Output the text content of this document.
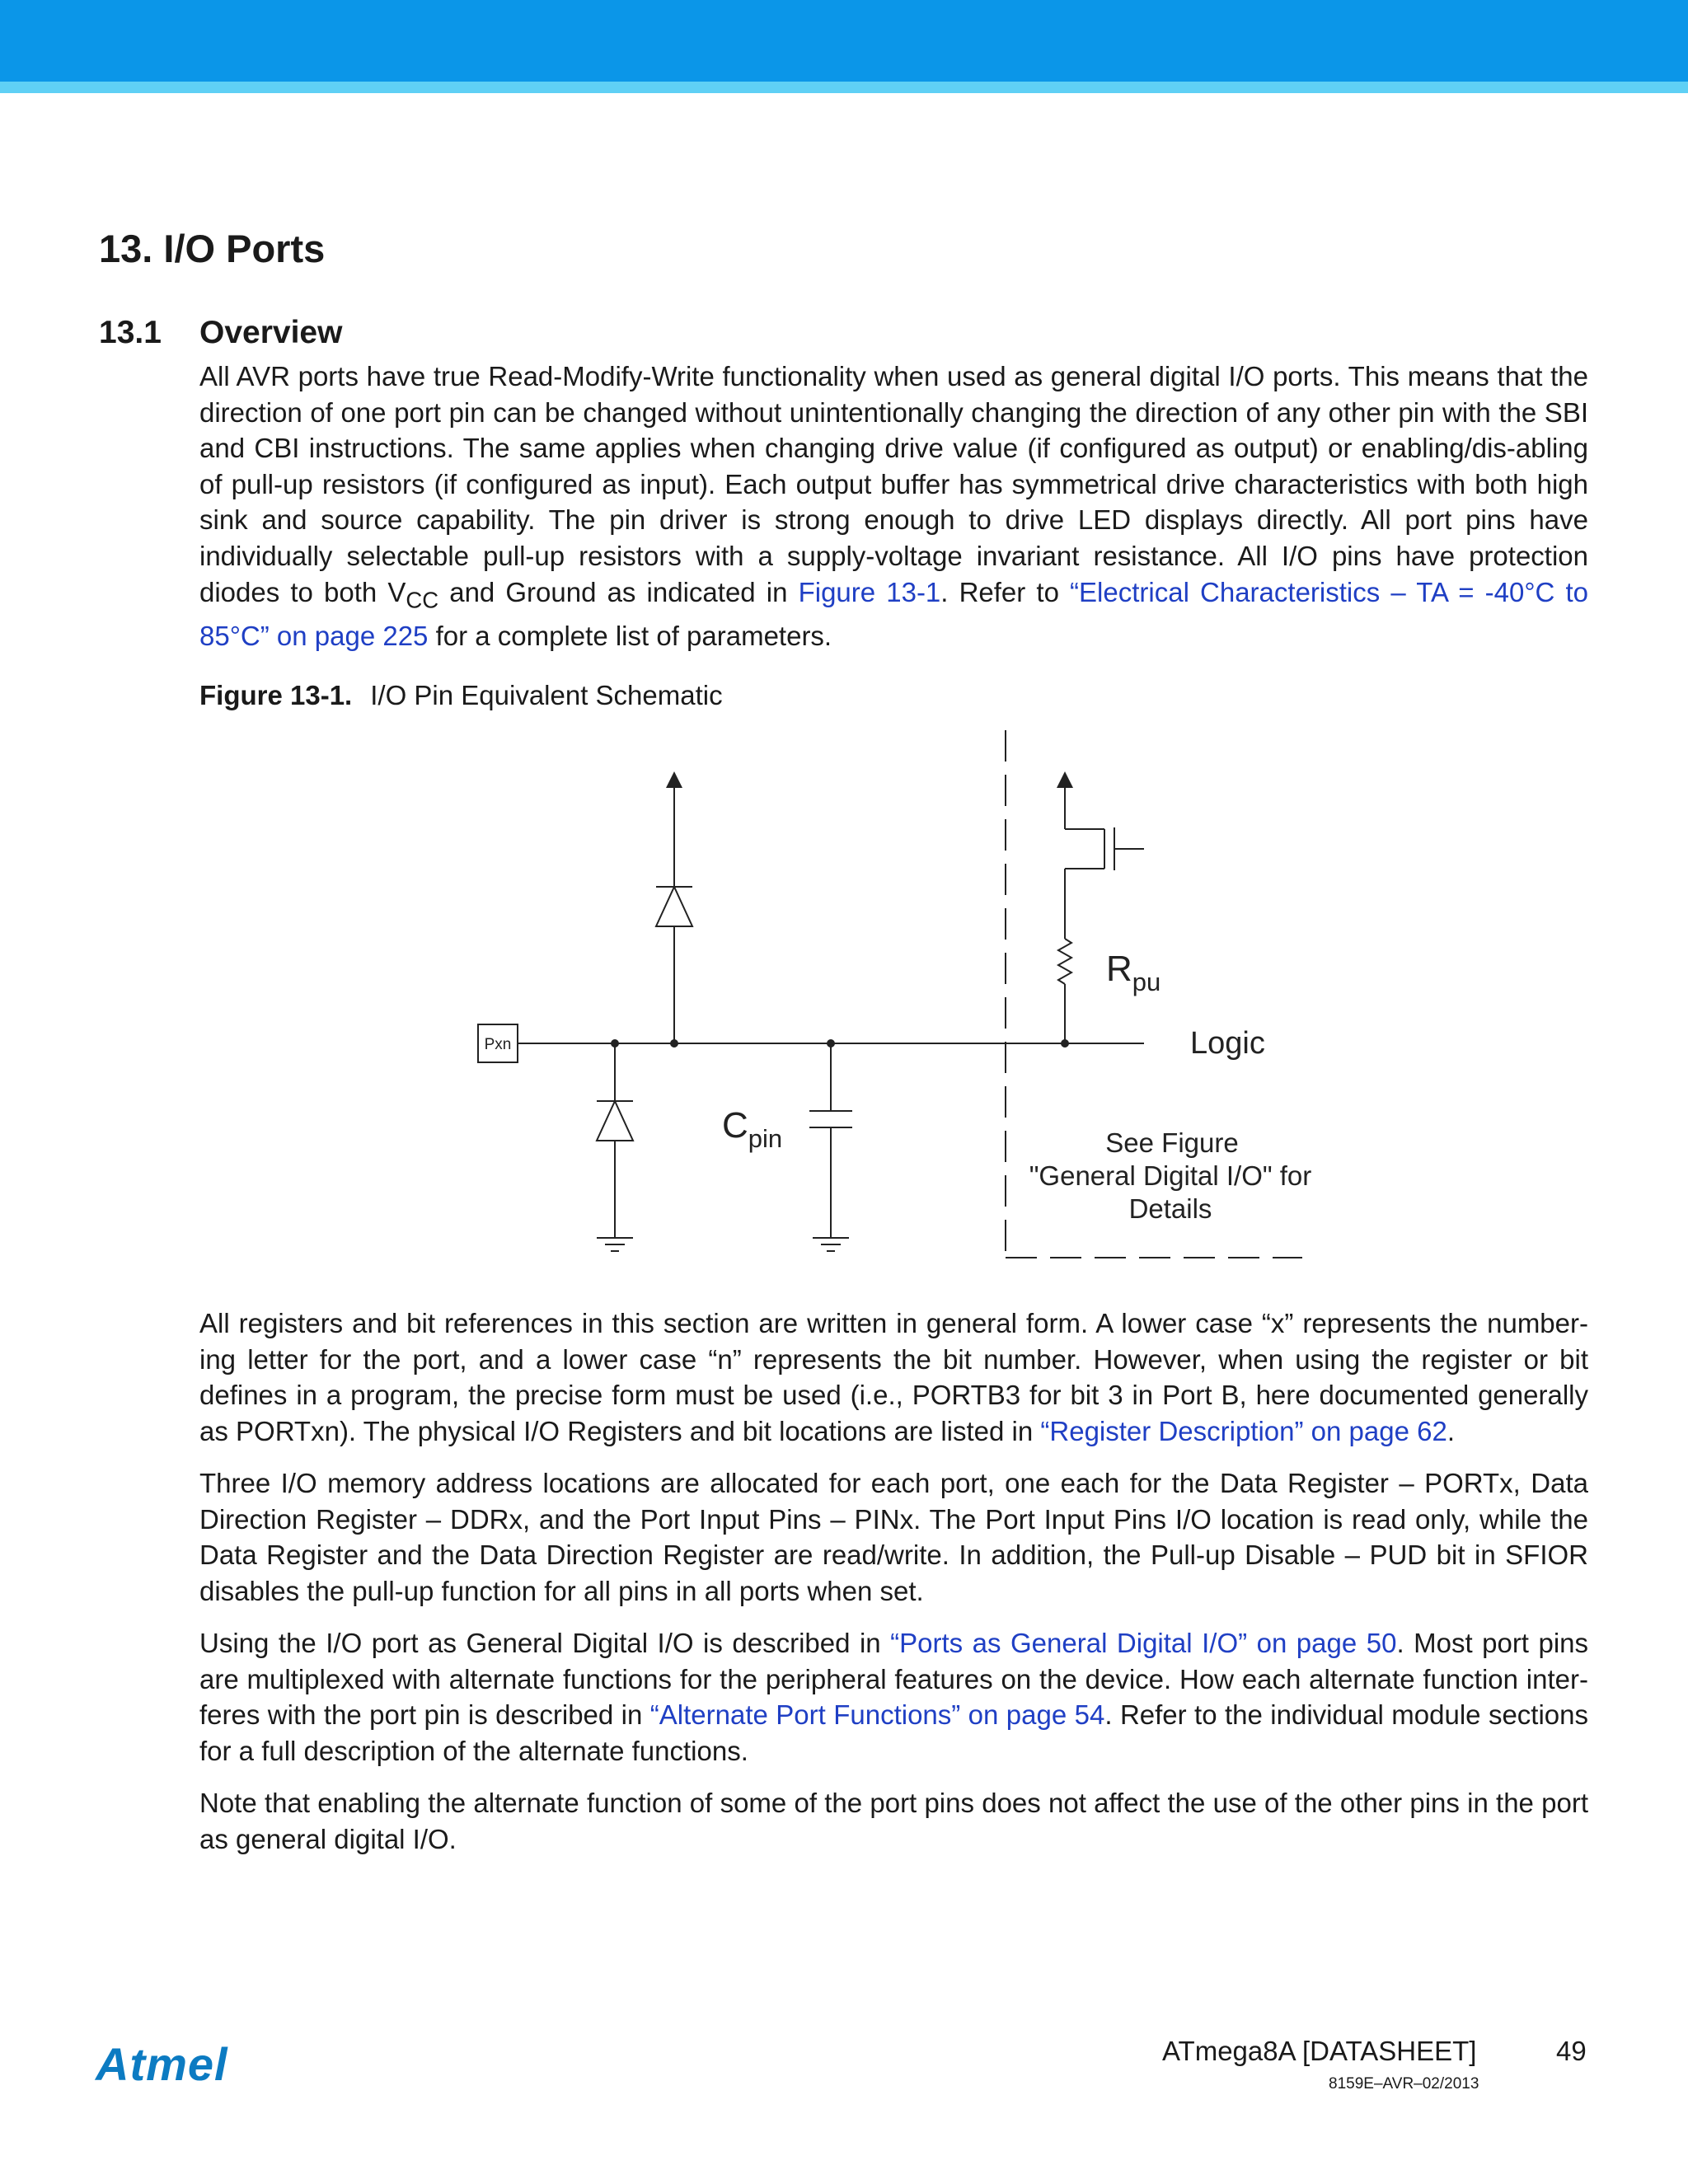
13. I/O Ports
13.1 Overview

All AVR ports have true Read-Modify-Write functionality when used as general digital I/O ports. This means that the direction of one port pin can be changed without unintentionally changing the direction of any other pin with the SBI and CBI instructions. The same applies when changing drive value (if configured as output) or enabling/dis-abling of pull-up resistors (if configured as input). Each output buffer has symmetrical drive characteristics with both high sink and source capability. The pin driver is strong enough to drive LED displays directly. All port pins have individually selectable pull-up resistors with a supply-voltage invariant resistance. All I/O pins have protection diodes to both $V_{CC}$ and Ground as indicated in Figure 13-1. Refer to “Electrical Characteristics – TA = -40°C to 85°C” on page 225 for a complete list of parameters.

Figure 13-1. I/O Pin Equivalent Schematic
Pxn
$C_{pin}$
$R_{pu}$
Logic
See Figure
"General Digital I/O" for
Details

All registers and bit references in this section are written in general form. A lower case “x” represents the number-ing letter for the port, and a lower case “n” represents the bit number. However, when using the register or bit defines in a program, the precise form must be used (i.e., PORTB3 for bit 3 in Port B, here documented generally as PORTxn). The physical I/O Registers and bit locations are listed in “Register Description” on page 62.

Three I/O memory address locations are allocated for each port, one each for the Data Register – PORTx, Data Direction Register – DDRx, and the Port Input Pins – PINx. The Port Input Pins I/O location is read only, while the Data Register and the Data Direction Register are read/write. In addition, the Pull-up Disable – PUD bit in SFIOR disables the pull-up function for all pins in all ports when set.

Using the I/O port as General Digital I/O is described in “Ports as General Digital I/O” on page 50. Most port pins are multiplexed with alternate functions for the peripheral features on the device. How each alternate function inter-feres with the port pin is described in “Alternate Port Functions” on page 54. Refer to the individual module sections for a full description of the alternate functions.

Note that enabling the alternate function of some of the port pins does not affect the use of the other pins in the port as general digital I/O.

Atmel	ATmega8A [DATASHEET]	49
8159E–AVR–02/2013
